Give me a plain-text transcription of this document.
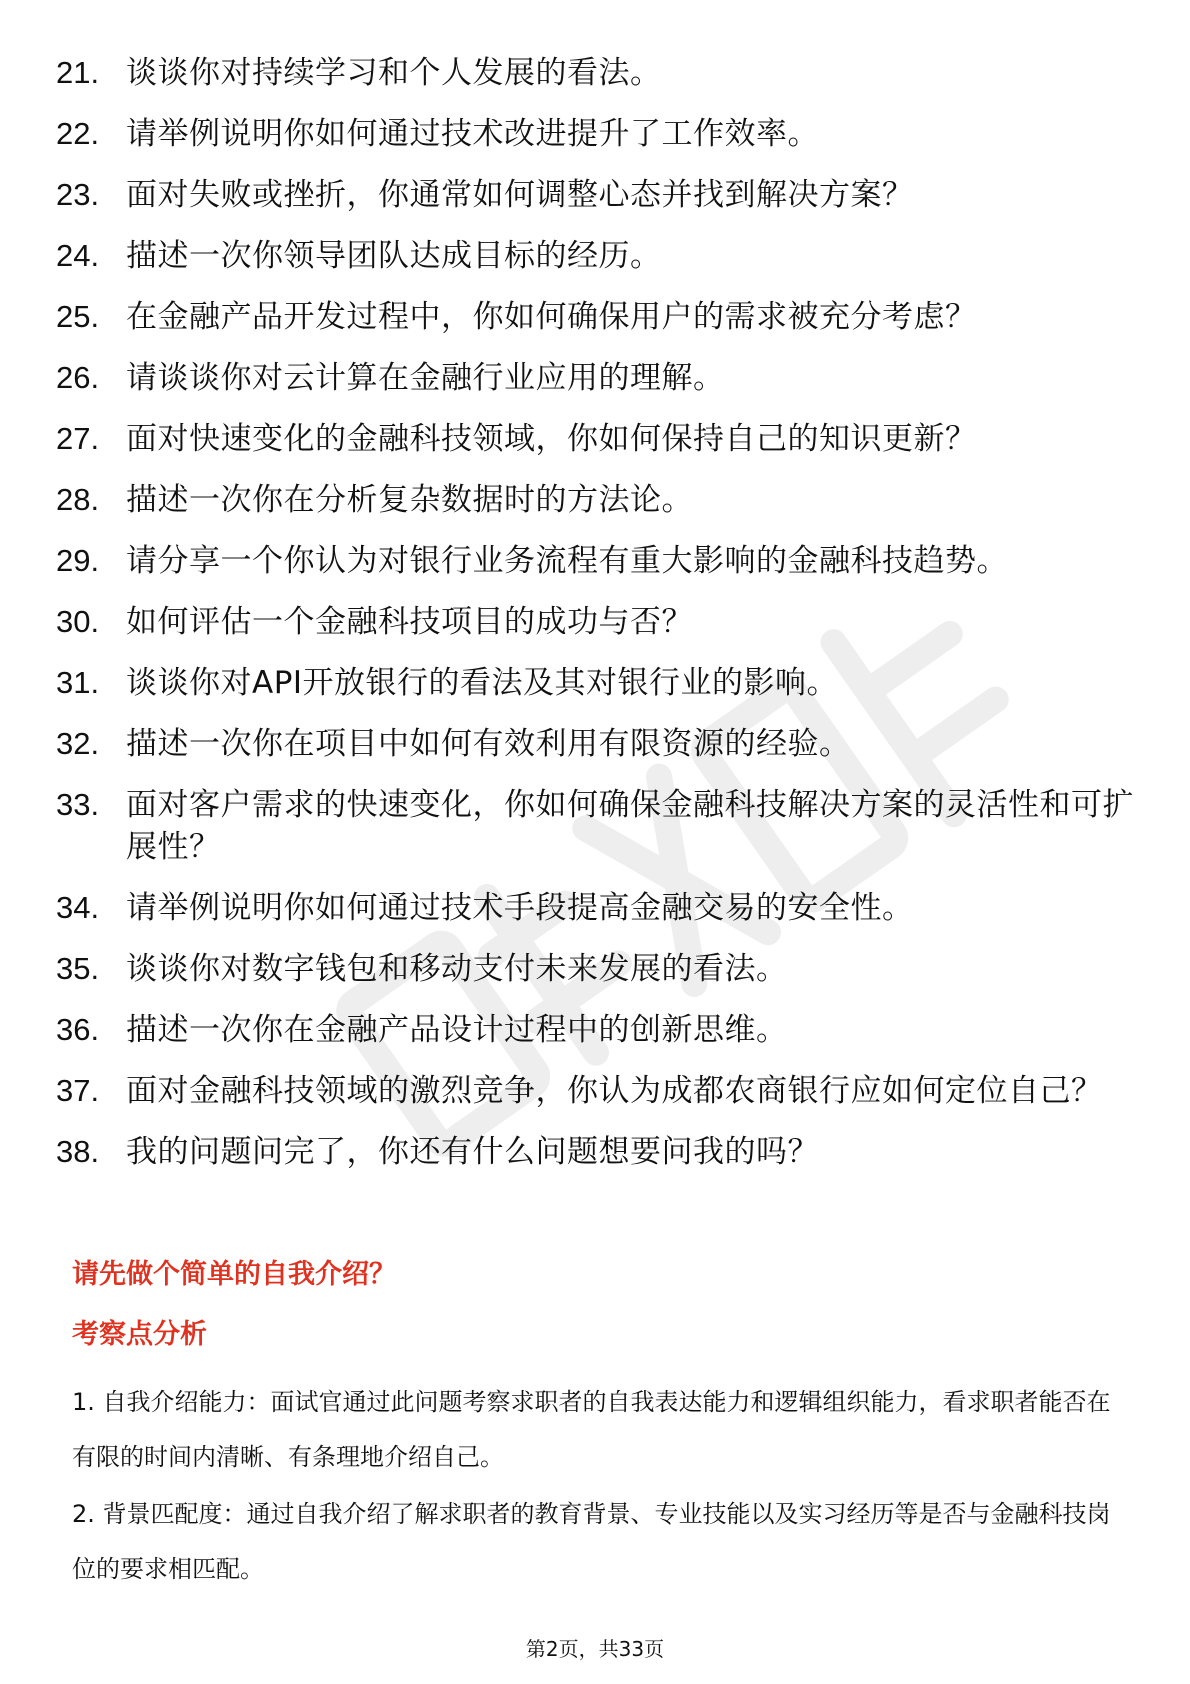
21. 谈谈你对持续学习和个人发展的看法。
22. 请举例说明你如何通过技术改进提升了工作效率。
23. 面对失败或挫折，你通常如何调整心态并找到解决方案？
24. 描述一次你领导团队达成目标的经历。
25. 在金融产品开发过程中，你如何确保用户的需求被充分考虑？
26. 请谈谈你对云计算在金融行业应用的理解。
27. 面对快速变化的金融科技领域，你如何保持自己的知识更新？
28. 描述一次你在分析复杂数据时的方法论。
29. 请分享一个你认为对银行业务流程有重大影响的金融科技趋势。
30. 如何评估一个金融科技项目的成功与否？
31. 谈谈你对API开放银行的看法及其对银行业的影响。
32. 描述一次你在项目中如何有效利用有限资源的经验。
33. 面对客户需求的快速变化，你如何确保金融科技解决方案的灵活性和可扩展性？
34. 请举例说明你如何通过技术手段提高金融交易的安全性。
35. 谈谈你对数字钱包和移动支付未来发展的看法。
36. 描述一次你在金融产品设计过程中的创新思维。
37. 面对金融科技领域的激烈竞争，你认为成都农商银行应如何定位自己？
38. 我的问题问完了，你还有什么问题想要问我的吗？
请先做个简单的自我介绍？
考察点分析

1. 自我介绍能力：面试官通过此问题考察求职者的自我表达能力和逻辑组织能力，看求职者能否在有限的时间内清晰、有条理地介绍自己。

2. 背景匹配度：通过自我介绍了解求职者的教育背景、专业技能以及实习经历等是否与金融科技岗位的要求相匹配。

第2页，共33页
